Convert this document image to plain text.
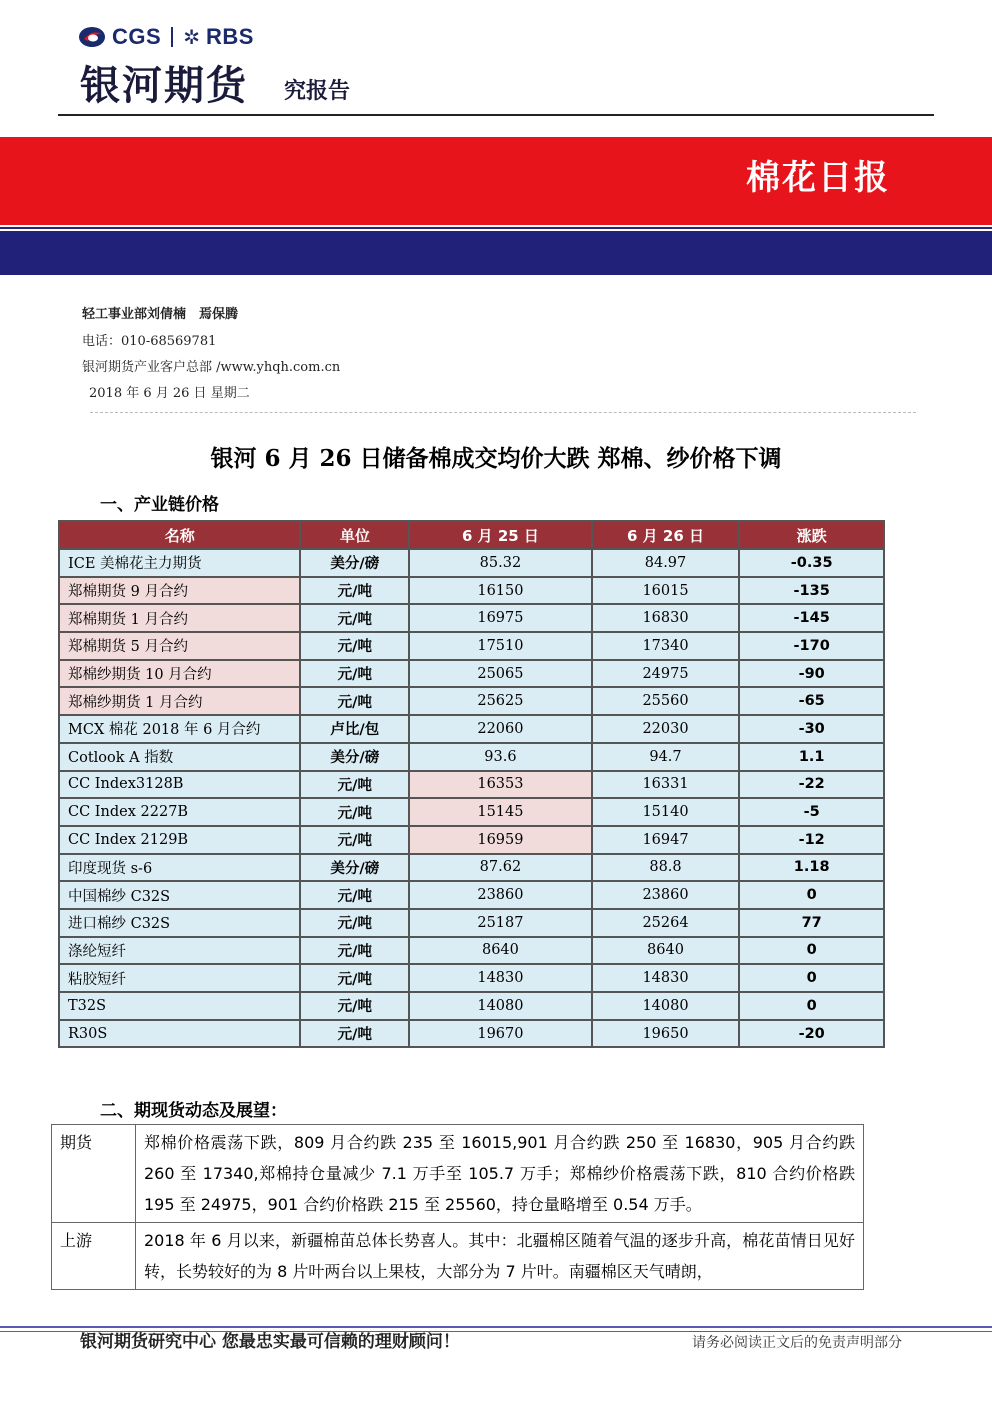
CGS ✲ RBS
银河期货 究报告
棉花日报
轻工事业部刘倩楠　焉保腾
电话：010-68569781
银河期货产业客户总部 /www.yhqh.com.cn
2018 年 6 月 26 日 星期二
银河 6 月 26 日储备棉成交均价大跌 郑棉、纱价格下调
一、产业链价格
名称	单位	6 月 25 日	6 月 26 日	涨跌
ICE 美棉花主力期货	美分/磅	85.32	84.97	-0.35
郑棉期货 9 月合约	元/吨	16150	16015	-135
郑棉期货 1 月合约	元/吨	16975	16830	-145
郑棉期货 5 月合约	元/吨	17510	17340	-170
郑棉纱期货 10 月合约	元/吨	25065	24975	-90
郑棉纱期货 1 月合约	元/吨	25625	25560	-65
MCX 棉花 2018 年 6 月合约	卢比/包	22060	22030	-30
Cotlook A 指数	美分/磅	93.6	94.7	1.1
CC Index3128B	元/吨	16353	16331	-22
CC Index 2227B	元/吨	15145	15140	-5
CC Index 2129B	元/吨	16959	16947	-12
印度现货 s-6	美分/磅	87.62	88.8	1.18
中国棉纱 C32S	元/吨	23860	23860	0
进口棉纱 C32S	元/吨	25187	25264	77
涤纶短纤	元/吨	8640	8640	0
粘胶短纤	元/吨	14830	14830	0
T32S	元/吨	14080	14080	0
R30S	元/吨	19670	19650	-20
二、期现货动态及展望：
期货	郑棉价格震荡下跌，809 月合约跌 235 至 16015,901 月合约跌 250 至 16830，905 月合约跌 260 至 17340,郑棉持仓量减少 7.1 万手至 105.7 万手；郑棉纱价格震荡下跌，810 合约价格跌 195 至 24975，901 合约价格跌 215 至 25560，持仓量略增至 0.54 万手。
上游	2018 年 6 月以来，新疆棉苗总体长势喜人。其中：北疆棉区随着气温的逐步升高，棉花苗情日见好转，长势较好的为 8 片叶两台以上果枝，大部分为 7 片叶。南疆棉区天气晴朗，
银河期货研究中心 您最忠实最可信赖的理财顾问！	请务必阅读正文后的免责声明部分
